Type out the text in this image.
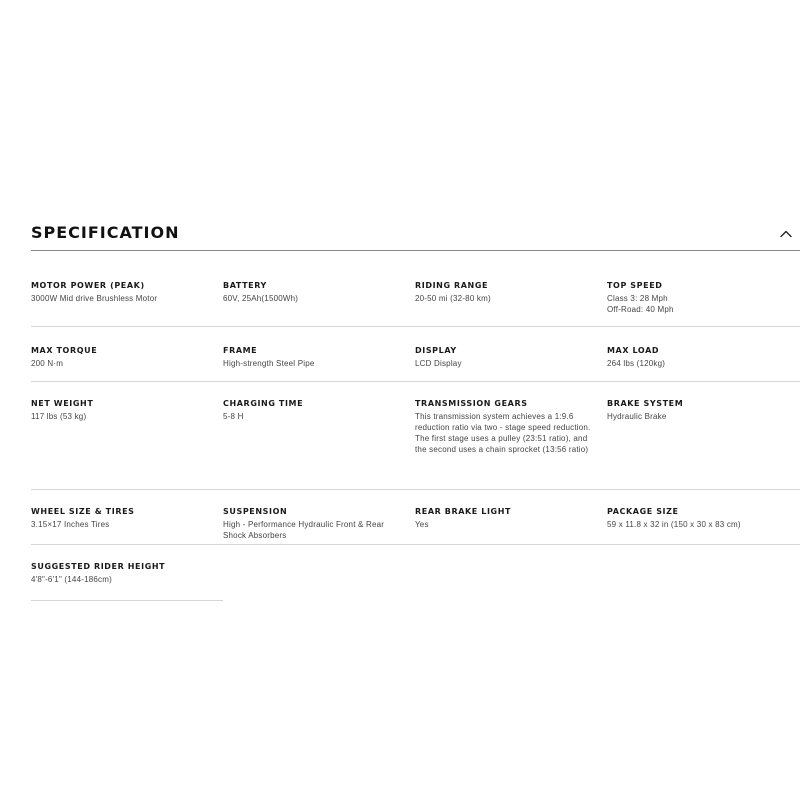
SPECIFICATION
MOTOR POWER (PEAK)
3000W Mid drive Brushless Motor
BATTERY
60V, 25Ah(1500Wh)
RIDING RANGE
20-50 mi (32-80 km)
TOP SPEED
Class 3: 28 Mph
Off-Road: 40 Mph
MAX TORQUE
200 N·m
FRAME
High-strength Steel Pipe
DISPLAY
LCD Display
MAX LOAD
264 lbs (120kg)
NET WEIGHT
117 lbs (53 kg)
CHARGING TIME
5-8 H
TRANSMISSION GEARS
This transmission system achieves a 1:9.6 reduction ratio via two - stage speed reduction. The first stage uses a pulley (23:51 ratio), and the second uses a chain sprocket (13:56 ratio)
BRAKE SYSTEM
Hydraulic Brake
WHEEL SIZE & TIRES
3.15×17 Inches Tires
SUSPENSION
High - Performance Hydraulic Front & Rear Shock Absorbers
REAR BRAKE LIGHT
Yes
PACKAGE SIZE
59 x 11.8 x 32 in (150 x 30 x 83 cm)
SUGGESTED RIDER HEIGHT
4'8"-6'1" (144-186cm)
